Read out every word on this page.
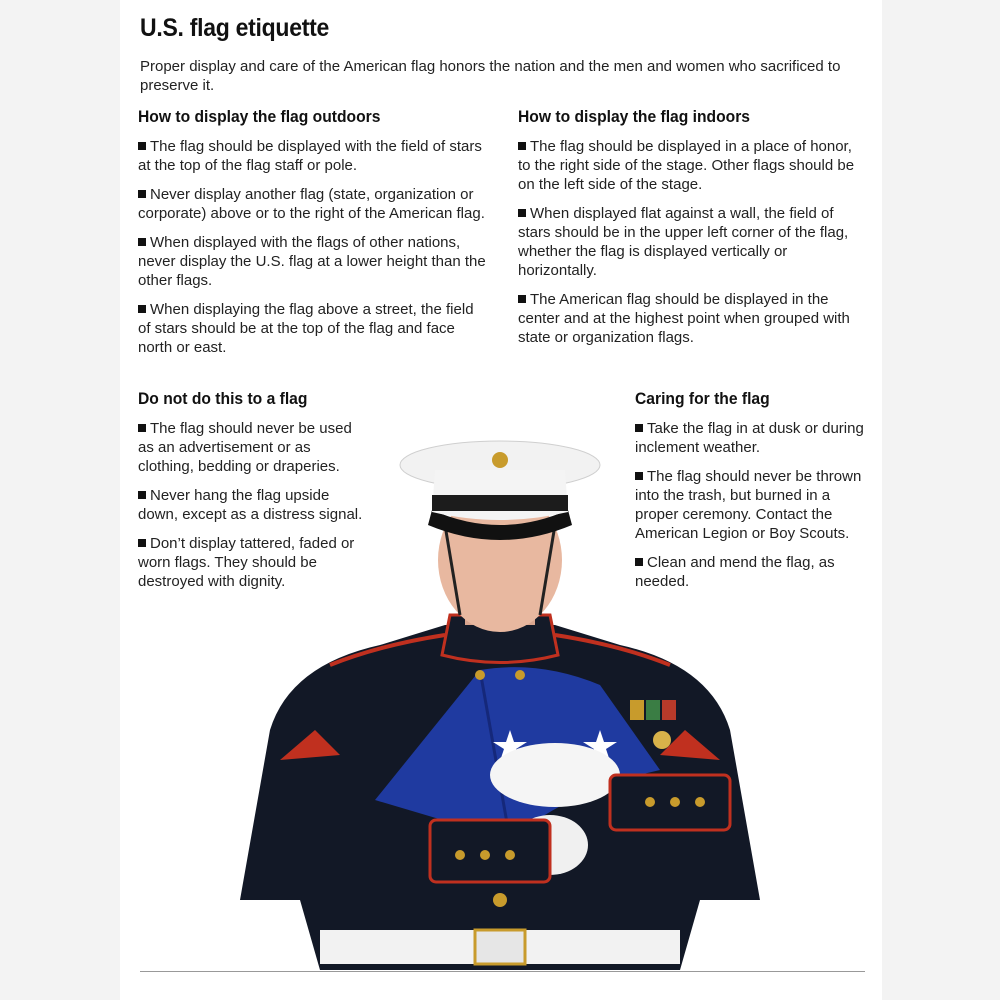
U.S. flag etiquette

Proper display and care of the American flag honors the nation and the men and women who sacrificed to preserve it.

How to display the flag outdoors
The flag should be displayed with the field of stars at the top of the flag staff or pole.
Never display another flag (state, organization or corporate) above or to the right of the American flag.
When displayed with the flags of other nations, never display the U.S. flag at a lower height than the other flags.
When displaying the flag above a street, the field of stars should be at the top of the flag and face north or east.
How to display the flag indoors
The flag should be displayed in a place of honor, to the right side of the stage. Other flags should be on the left side of the stage.
When displayed flat against a wall, the field of stars should be in the upper left corner of the flag, whether the flag is displayed vertically or horizontally.
The American flag should be displayed in the center and at the highest point when grouped with state or organization flags.
Do not do this to a flag
The flag should never be used as an advertisement or as clothing, bedding or draperies.
Never hang the flag upside down, except as a distress signal.
Don’t display tattered, faded or worn flags. They should be destroyed with dignity.
Caring for the flag
Take the flag in at dusk or during inclement weather.
The flag should never be thrown into the trash, but burned in a proper ceremony. Contact the American Legion or Boy Scouts.
Clean and mend the flag, as needed.
